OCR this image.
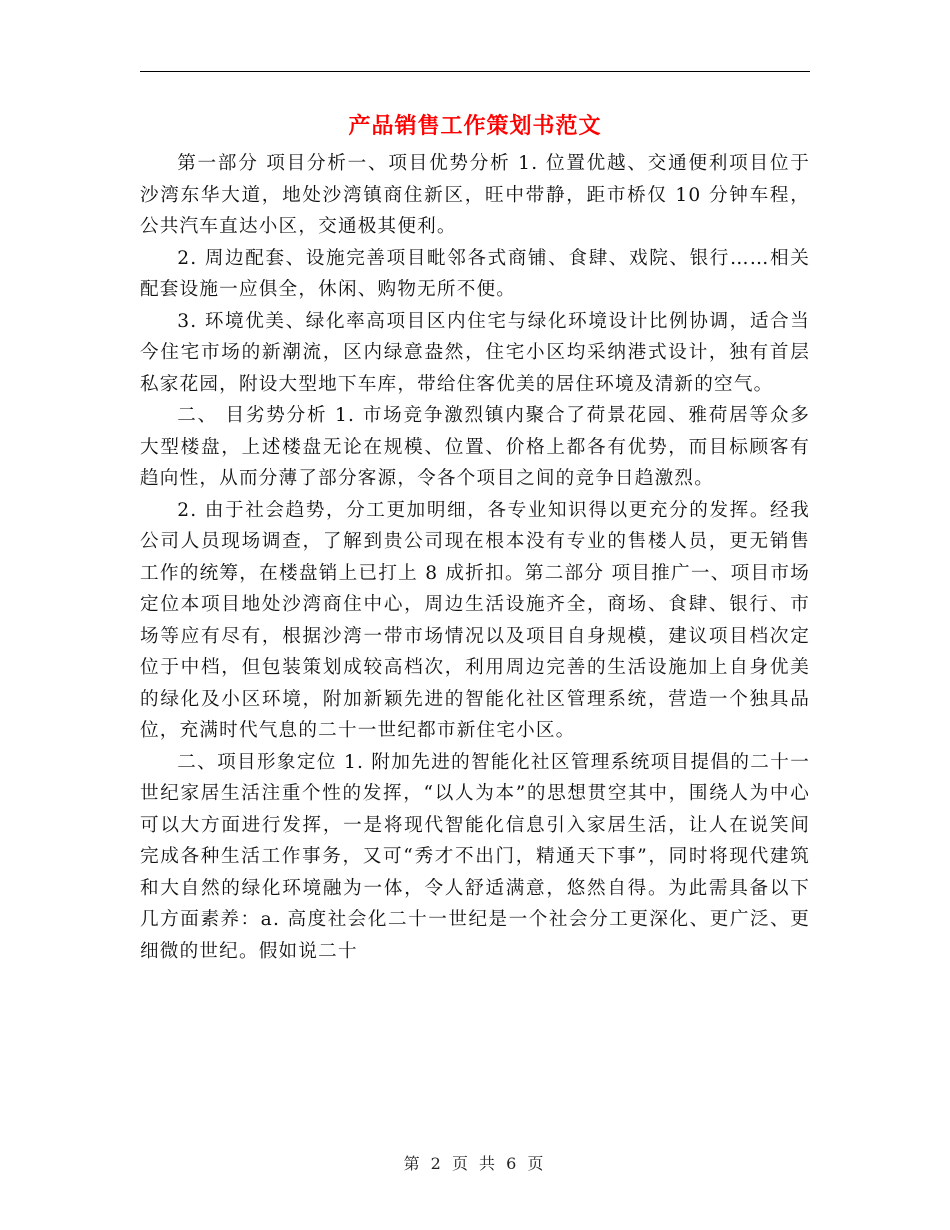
产品销售工作策划书范文

第一部分 项目分析一、项目优势分析 1. 位置优越、交通便利项目位于沙湾东华大道，地处沙湾镇商住新区，旺中带静，距市桥仅 10 分钟车程，公共汽车直达小区，交通极其便利。

2. 周边配套、设施完善项目毗邻各式商铺、食肆、戏院、银行……相关配套设施一应俱全，休闲、购物无所不便。

3. 环境优美、绿化率高项目区内住宅与绿化环境设计比例协调，适合当今住宅市场的新潮流，区内绿意盎然，住宅小区均采纳港式设计，独有首层私家花园，附设大型地下车库，带给住客优美的居住环境及清新的空气。

二、 目劣势分析 1. 市场竞争激烈镇内聚合了荷景花园、雅荷居等众多大型楼盘，上述楼盘无论在规模、位置、价格上都各有优势，而目标顾客有趋向性，从而分薄了部分客源，令各个项目之间的竞争日趋激烈。

2. 由于社会趋势，分工更加明细，各专业知识得以更充分的发挥。经我公司人员现场调查，了解到贵公司现在根本没有专业的售楼人员，更无销售工作的统筹，在楼盘销上已打上 8 成折扣。第二部分 项目推广一、项目市场定位本项目地处沙湾商住中心，周边生活设施齐全，商场、食肆、银行、市场等应有尽有，根据沙湾一带市场情况以及项目自身规模，建议项目档次定位于中档，但包装策划成较高档次，利用周边完善的生活设施加上自身优美的绿化及小区环境，附加新颖先进的智能化社区管理系统，营造一个独具品位，充满时代气息的二十一世纪都市新住宅小区。

二、项目形象定位 1. 附加先进的智能化社区管理系统项目提倡的二十一世纪家居生活注重个性的发挥，“以人为本”的思想贯空其中，围绕人为中心可以大方面进行发挥，一是将现代智能化信息引入家居生活，让人在说笑间完成各种生活工作事务，又可“秀才不出门，精通天下事”，同时将现代建筑和大自然的绿化环境融为一体，令人舒适满意，悠然自得。为此需具备以下几方面素养：a. 高度社会化二十一世纪是一个社会分工更深化、更广泛、更细微的世纪。假如说二十

第 2 页 共 6 页
